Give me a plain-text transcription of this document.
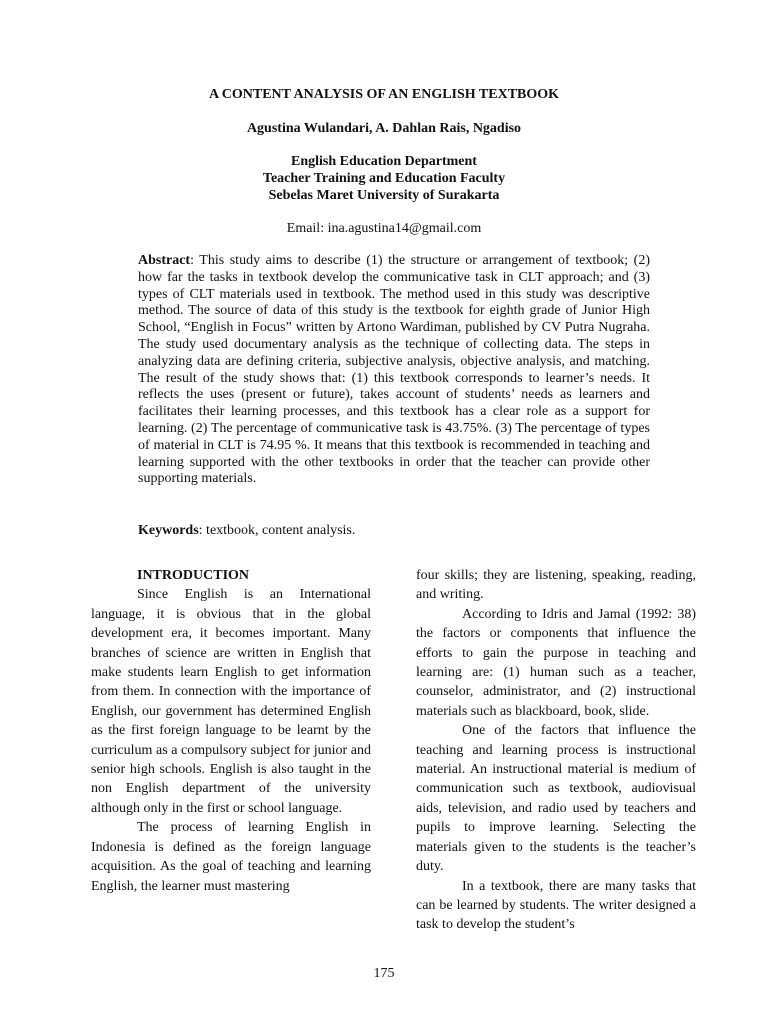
A CONTENT ANALYSIS OF AN ENGLISH TEXTBOOK
Agustina Wulandari, A. Dahlan Rais, Ngadiso
English Education Department
Teacher Training and Education Faculty
Sebelas Maret University of Surakarta
Email: ina.agustina14@gmail.com

Abstract: This study aims to describe (1) the structure or arrangement of textbook; (2) how far the tasks in textbook develop the communicative task in CLT approach; and (3) types of CLT materials used in textbook. The method used in this study was descriptive method. The source of data of this study is the textbook for eighth grade of Junior High School, “English in Focus” written by Artono Wardiman, published by CV Putra Nugraha. The study used documentary analysis as the technique of collecting data. The steps in analyzing data are defining criteria, subjective analysis, objective analysis, and matching. The result of the study shows that: (1) this textbook corresponds to learner’s needs. It reflects the uses (present or future), takes account of students’ needs as learners and facilitates their learning processes, and this textbook has a clear role as a support for learning. (2) The percentage of communicative task is 43.75%. (3) The percentage of types of material in CLT is 74.95 %. It means that this textbook is recommended in teaching and learning supported with the other textbooks in order that the teacher can provide other supporting materials.

Keywords: textbook, content analysis.

INTRODUCTION

Since English is an International language, it is obvious that in the global development era, it becomes important. Many branches of science are written in English that make students learn English to get information from them. In connection with the importance of English, our government has determined English as the first foreign language to be learnt by the curriculum as a compulsory subject for junior and senior high schools. English is also taught in the non English department of the university although only in the first or school language.

The process of learning English in Indonesia is defined as the foreign language acquisition. As the goal of teaching and learning English, the learner must mastering

four skills; they are listening, speaking, reading, and writing.

According to Idris and Jamal (1992: 38) the factors or components that influence the efforts to gain the purpose in teaching and learning are: (1) human such as a teacher, counselor, administrator, and (2) instructional materials such as blackboard, book, slide.

One of the factors that influence the teaching and learning process is instructional material. An instructional material is medium of communication such as textbook, audiovisual aids, television, and radio used by teachers and pupils to improve learning. Selecting the materials given to the students is the teacher’s duty.

In a textbook, there are many tasks that can be learned by students. The writer designed a task to develop the student’s

175
